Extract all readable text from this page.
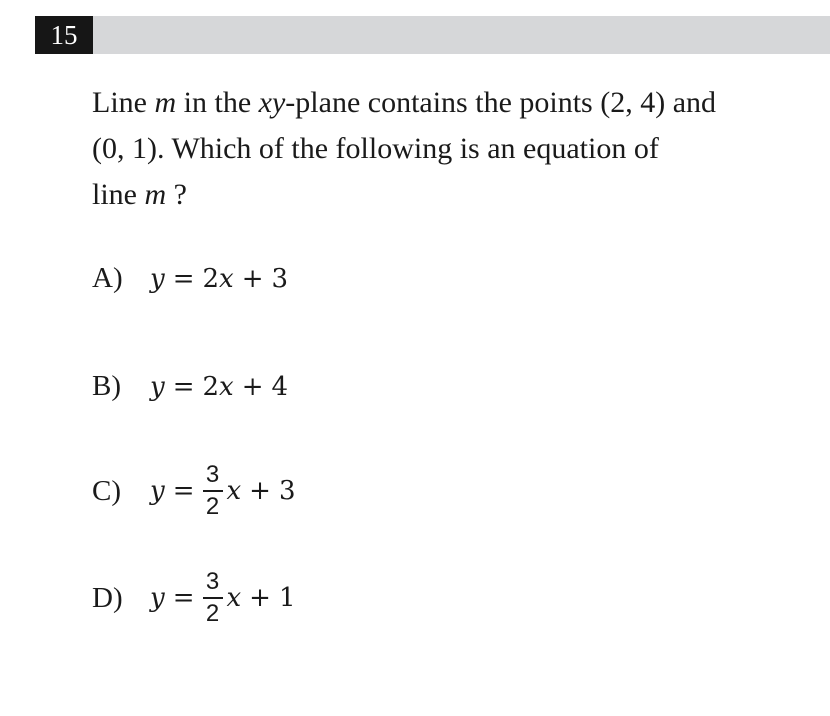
15
Line m in the xy-plane contains the points (2, 4) and
(0, 1). Which of the following is an equation of
line m ?
A)	y = 2 x + 3
B)	y = 2 x + 4
C)	$y = \frac{3}{2}$ x + 3
D)	$y = \frac{3}{2}$ x + 1
